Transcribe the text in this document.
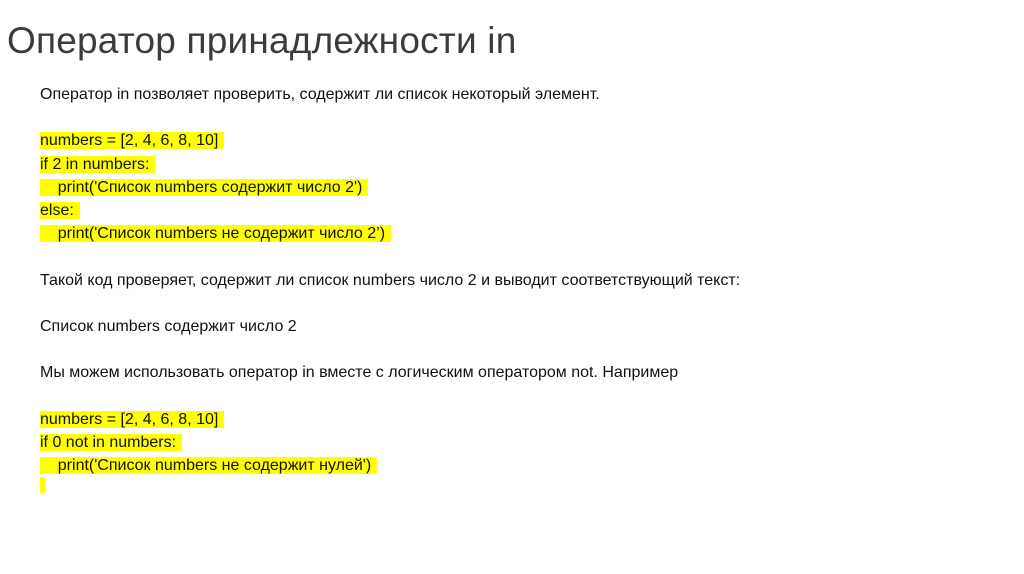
Оператор принадлежности in
Оператор in позволяет проверить, содержит ли список некоторый элемент.
numbers = [2, 4, 6, 8, 10]
if 2 in numbers:
print('Список numbers содержит число 2')
else:
print('Список numbers не содержит число 2’)
Такой код проверяет, содержит ли список numbers число 2 и выводит соответствующий текст:
Список numbers содержит число 2
Мы можем использовать оператор in вместе с логическим оператором not. Например
numbers = [2, 4, 6, 8, 10]
if 0 not in numbers:
print('Список numbers не содержит нулей')
